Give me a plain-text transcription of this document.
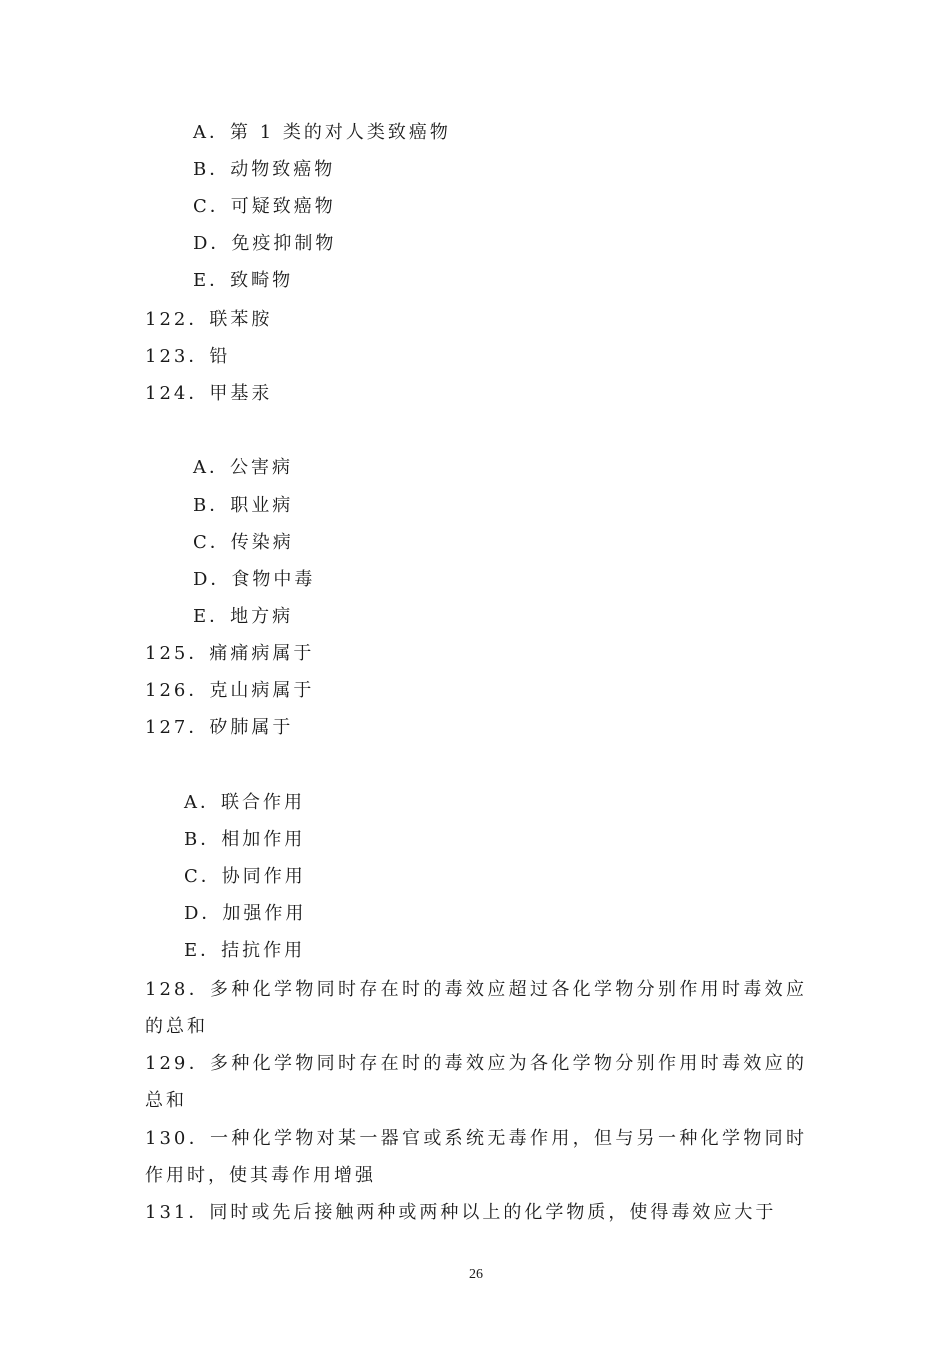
A．第 1 类的对人类致癌物
B．动物致癌物
C．可疑致癌物
D．免疫抑制物
E．致畸物
122．联苯胺
123．铅
124．甲基汞
A．公害病
B．职业病
C．传染病
D．食物中毒
E．地方病
125．痛痛病属于
126．克山病属于
127．矽肺属于
A．联合作用
B．相加作用
C．协同作用
D．加强作用
E．拮抗作用
128．多种化学物同时存在时的毒效应超过各化学物分别作用时毒效应的总和
129．多种化学物同时存在时的毒效应为各化学物分别作用时毒效应的总和
130．一种化学物对某一器官或系统无毒作用，但与另一种化学物同时作用时，使其毒作用增强
131．同时或先后接触两种或两种以上的化学物质，使得毒效应大于
26
